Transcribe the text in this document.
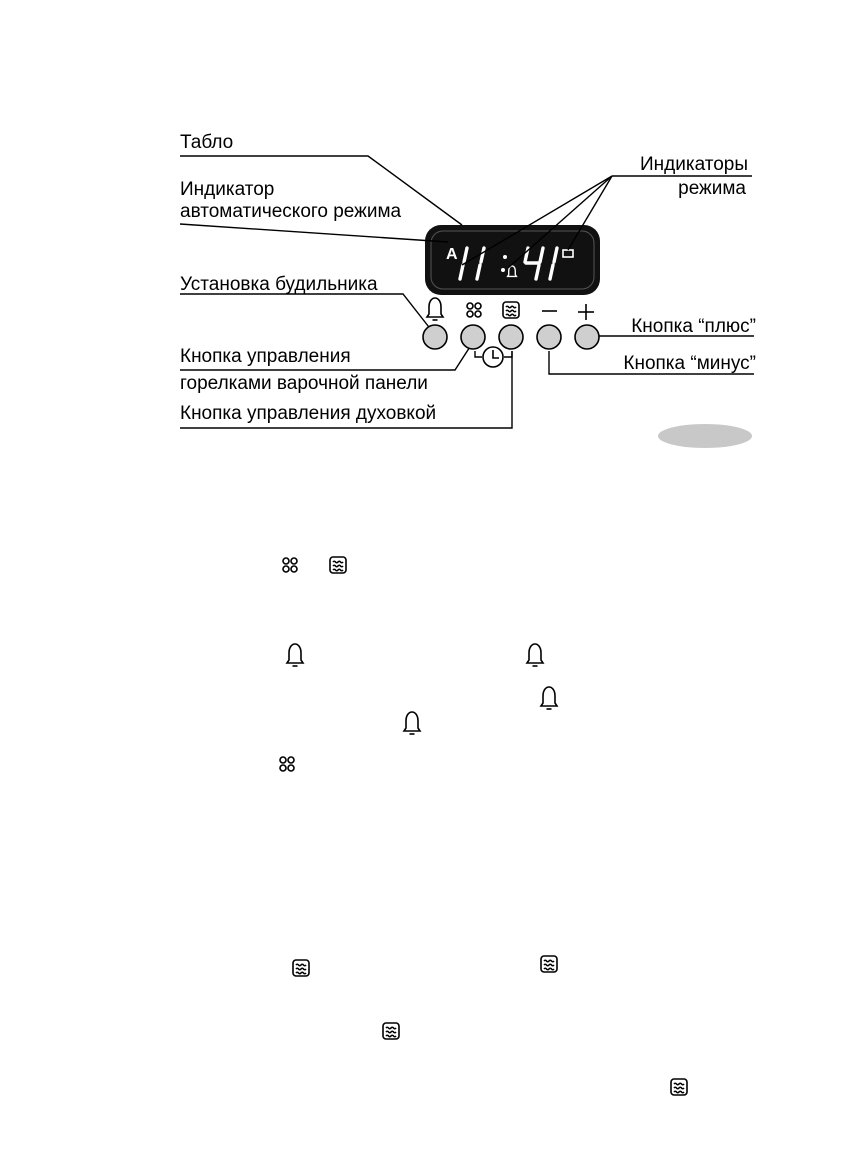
A
Табло
Индикаторы
режима
Индикатор
автоматического режима
Установка будильника
Кнопка “плюс”
Кнопка управления	Кнопка “минус”
горелками варочной панели
Кнопка управления духовкой
